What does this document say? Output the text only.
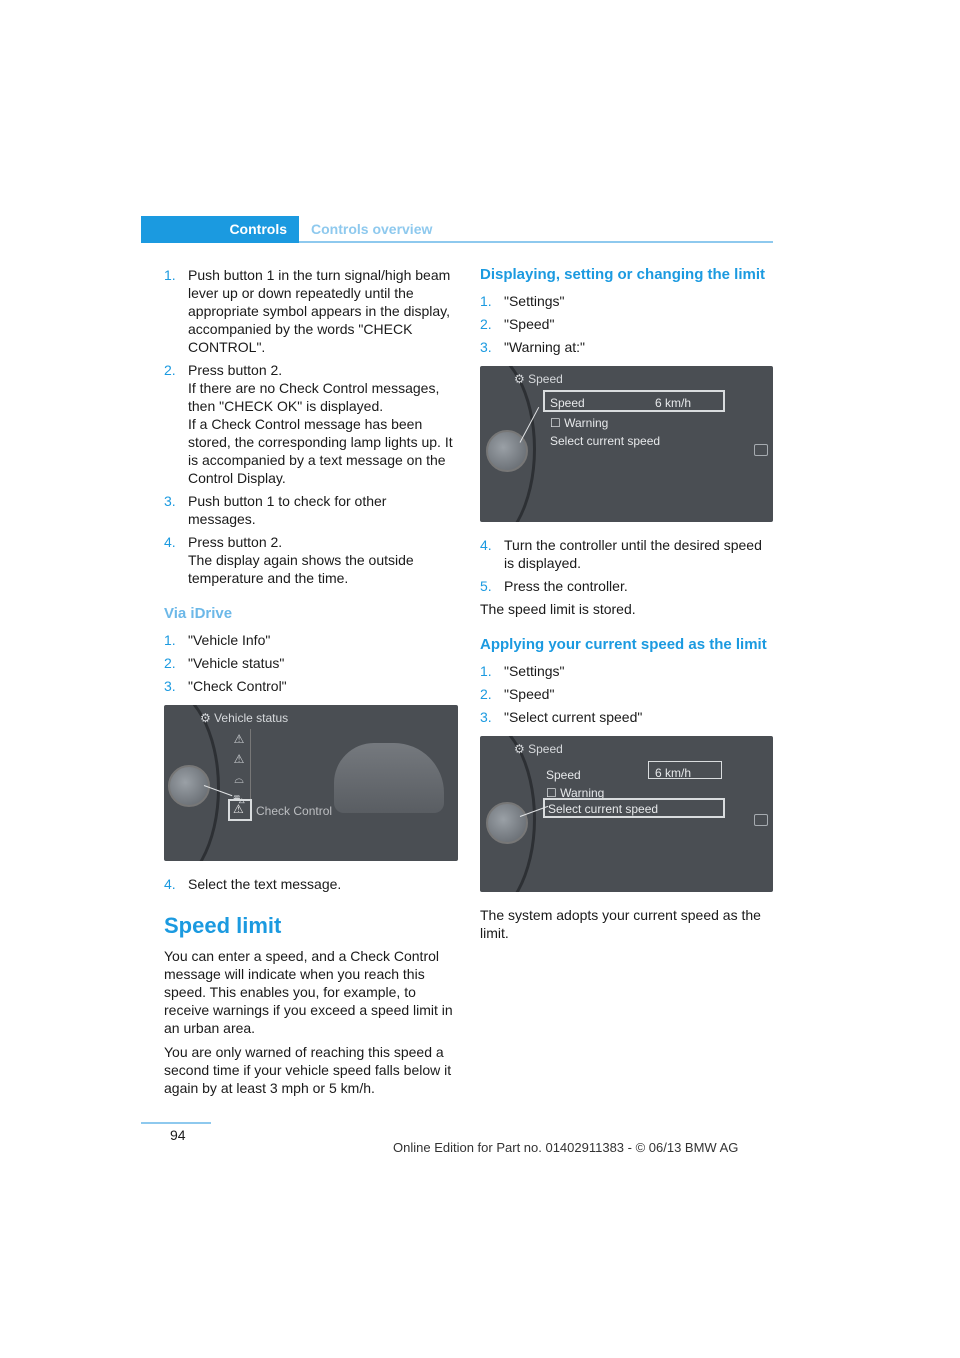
Controls	Controls overview
1. Push button 1 in the turn signal/high beam lever up or down repeatedly until the appropriate symbol appears in the display, accompanied by the words "CHECK CONTROL".
2. Press button 2.
If there are no Check Control messages, then "CHECK OK" is displayed.
If a Check Control message has been stored, the corresponding lamp lights up. It is accompanied by a text message on the Control Display.
3. Push button 1 to check for other messages.
4. Press button 2.
The display again shows the outside temperature and the time.
Via iDrive
1. "Vehicle Info"
2. "Vehicle status"
3. "Check Control"
⚙ Vehicle status
⚠
⚠
⌓
⛍
⚠ Check Control
4. Select the text message.
Speed limit

You can enter a speed, and a Check Control message will indicate when you reach this speed. This enables you, for example, to receive warnings if you exceed a speed limit in an urban area.

You are only warned of reaching this speed a second time if your vehicle speed falls below it again by at least 3 mph or 5 km/h.

Displaying, setting or changing the limit
1. "Settings"
2. "Speed"
3. "Warning at:"
⚙ Speed
Speed	6 km/h
☐ Warning
Select current speed
4. Turn the controller until the desired speed is displayed.
5. Press the controller.

The speed limit is stored.

Applying your current speed as the limit
1. "Settings"
2. "Speed"
3. "Select current speed"
⚙ Speed
Speed	6 km/h
☐ Warning
Select current speed

The system adopts your current speed as the limit.

94
Online Edition for Part no. 01402911383 - © 06/13 BMW AG
